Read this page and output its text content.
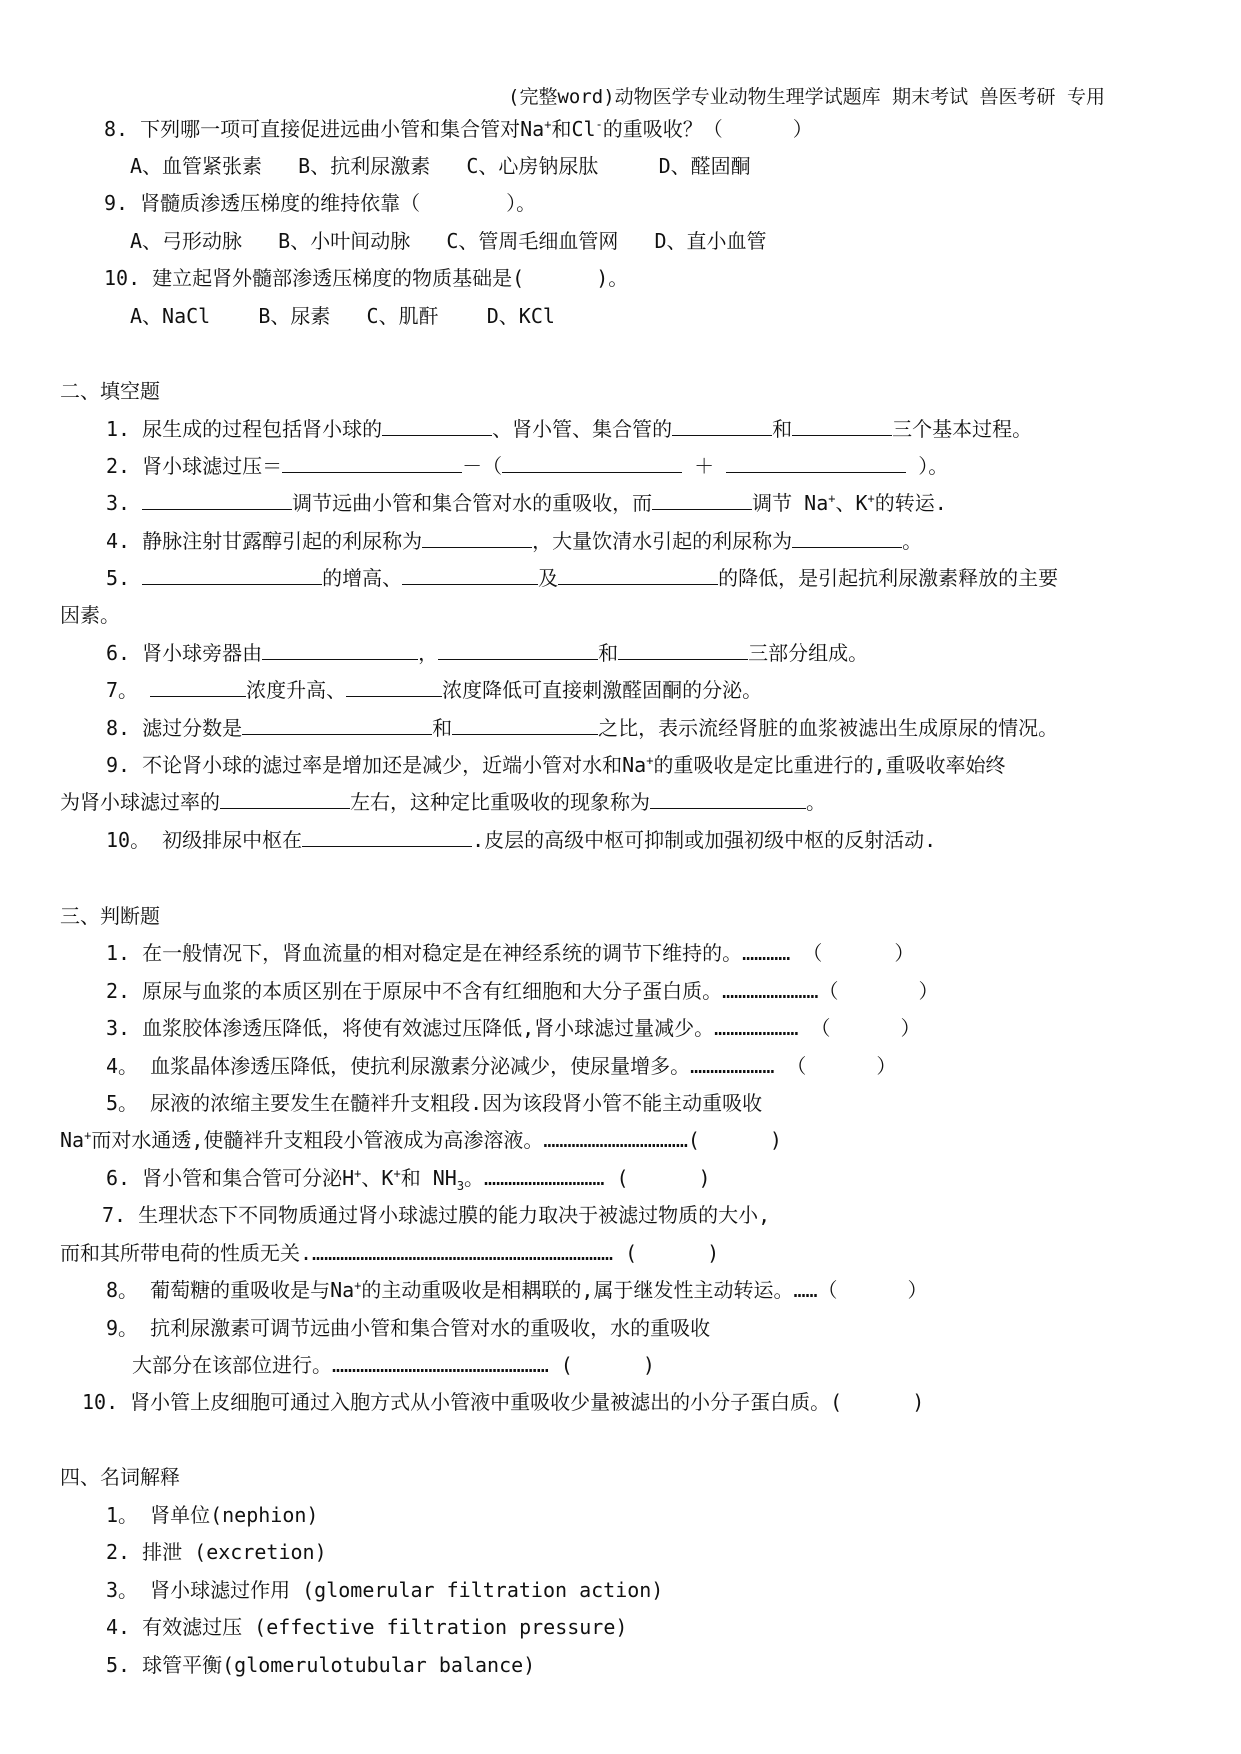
(完整word)动物医学专业动物生理学试题库 期末考试 兽医考研 专用
8. 下列哪一项可直接促进远曲小管和集合管对Na+和Cl-的重吸收？（	）
A、血管紧张素   B、抗利尿激素   C、心房钠尿肽     D、醛固酮
9. 肾髓质渗透压梯度的维持依靠（	）。
A、弓形动脉   B、小叶间动脉   C、管周毛细血管网   D、直小血管
10. 建立起肾外髓部渗透压梯度的物质基础是(	)。
A、NaCl    B、尿素   C、肌酐    D、KCl
二、填空题
1. 尿生成的过程包括肾小球的	、肾小管、集合管的	和	三个基本过程。
2. 肾小球滤过压＝	－（	＋	）。
3.	调节远曲小管和集合管对水的重吸收，而	调节 Na+、K+的转运.
4. 静脉注射甘露醇引起的利尿称为	，大量饮清水引起的利尿称为	。
5.	的增高、	及	的降低，是引起抗利尿激素释放的主要
因素。
6. 肾小球旁器由	，	和	三部分组成。
7。	浓度升高、	浓度降低可直接刺激醛固酮的分泌。
8. 滤过分数是	和	之比，表示流经肾脏的血浆被滤出生成原尿的情况。
9. 不论肾小球的滤过率是增加还是减少，近端小管对水和Na+的重吸收是定比重进行的,重吸收率始终
为肾小球滤过率的	左右，这种定比重吸收的现象称为	。
10。 初级排尿中枢在	.皮层的高级中枢可抑制或加强初级中枢的反射活动.
三、判断题
1. 在一般情况下，肾血流量的相对稳定是在神经系统的调节下维持的。………… （	）
2. 原尿与血浆的本质区别在于原尿中不含有红细胞和大分子蛋白质。……………………（	）
3. 血浆胶体渗透压降低，将使有效滤过压降低,肾小球滤过量减少。………………… （	）
4。 血浆晶体渗透压降低，使抗利尿激素分泌减少，使尿量增多。………………… （	）
5。 尿液的浓缩主要发生在髓袢升支粗段.因为该段肾小管不能主动重吸收
Na+而对水通透,使髓袢升支粗段小管液成为高渗溶液。………………………………(	)
6. 肾小管和集合管可分泌H+、K+和 $NH_3$。………………………… (	)
7. 生理状态下不同物质通过肾小球滤过膜的能力取决于被滤过物质的大小,
而和其所带电荷的性质无关.………………………………………………………………… (	)
8。 葡萄糖的重吸收是与Na+的主动重吸收是相耦联的,属于继发性主动转运。……（	）
9。 抗利尿激素可调节远曲小管和集合管对水的重吸收，水的重吸收
大部分在该部位进行。……………………………………………… (	)
10. 肾小管上皮细胞可通过入胞方式从小管液中重吸收少量被滤出的小分子蛋白质。(	)
四、名词解释
1。 肾单位(nephion)
2. 排泄 (excretion)
3。 肾小球滤过作用 (glomerular filtration action)
4. 有效滤过压 (effective filtration pressure)
5. 球管平衡(glomerulotubular balance)
